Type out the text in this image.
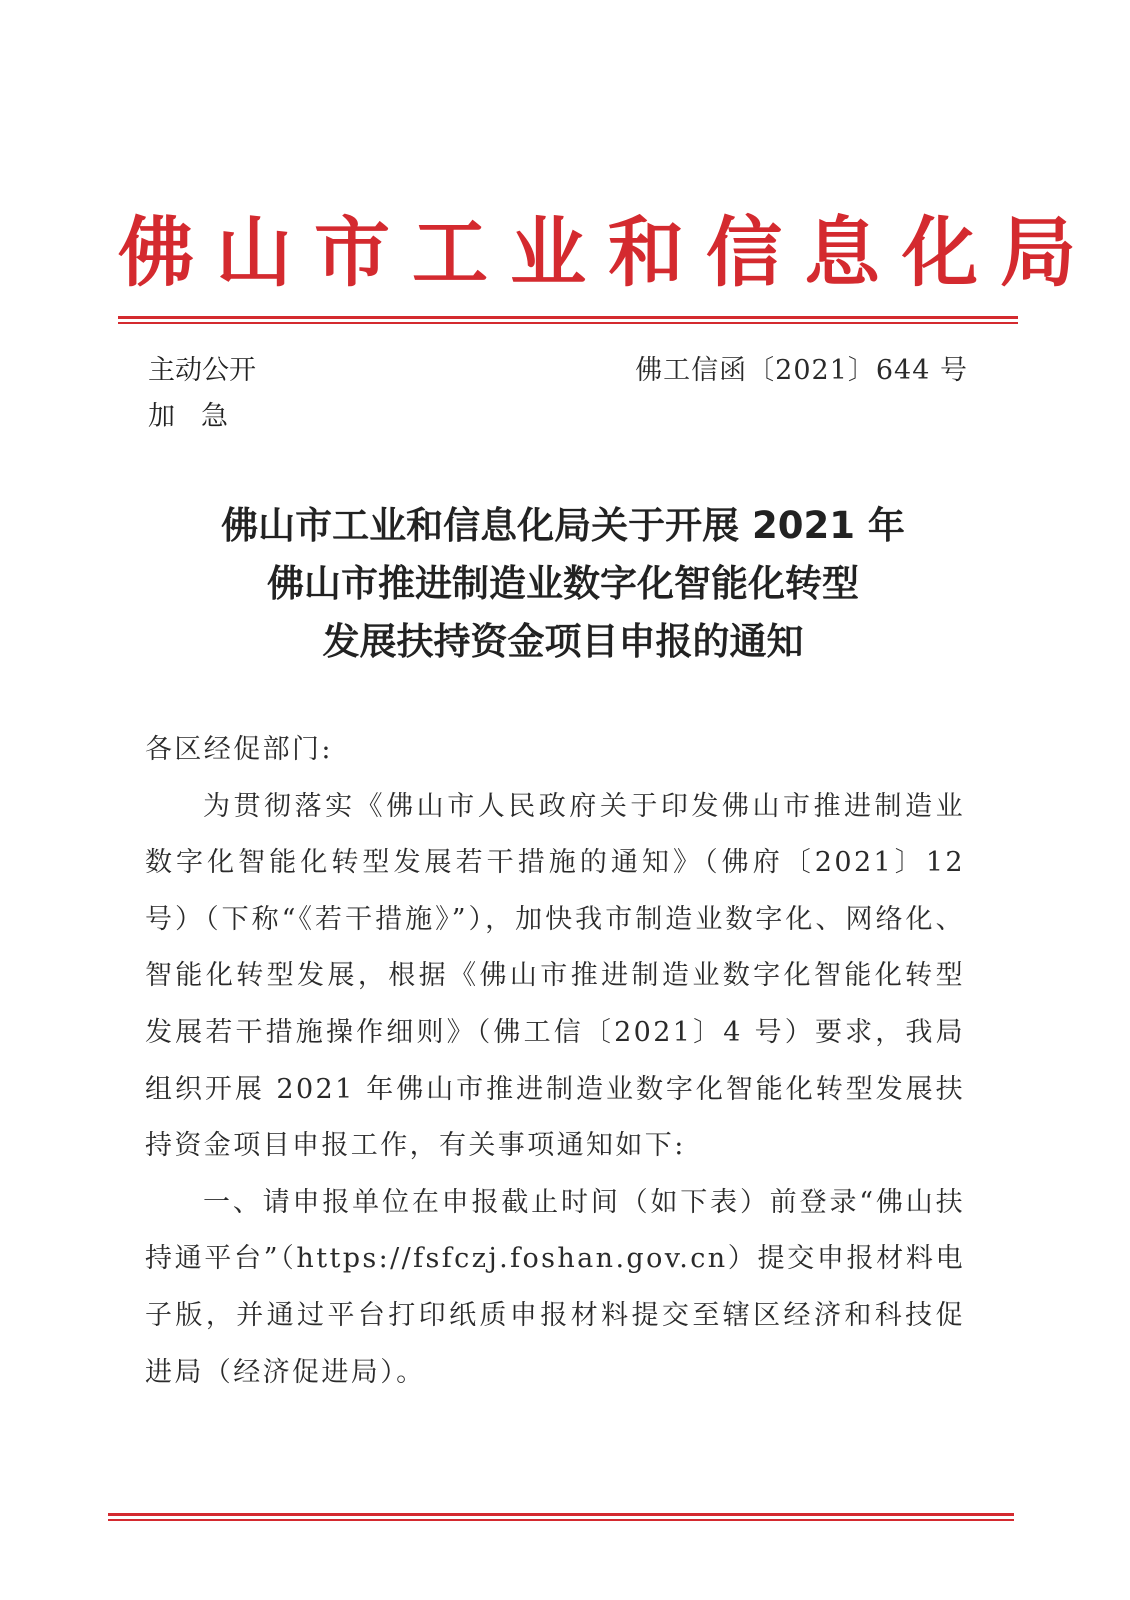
佛山市工业和信息化局
主动公开
加急
佛工信函〔2021〕644 号
佛山市工业和信息化局关于开展 2021 年
佛山市推进制造业数字化智能化转型
发展扶持资金项目申报的通知

各区经促部门:

为贯彻落实《佛山市人民政府关于印发佛山市推进制造业数字化智能化转型发展若干措施的通知》（佛府〔2021〕12 号）（下称“《若干措施》”），加快我市制造业数字化、网络化、智能化转型发展，根据《佛山市推进制造业数字化智能化转型发展若干措施操作细则》（佛工信〔2021〕4 号）要求，我局组织开展 2021 年佛山市推进制造业数字化智能化转型发展扶持资金项目申报工作，有关事项通知如下:

一、请申报单位在申报截止时间（如下表）前登录“佛山扶持通平台”（https://fsfczj.foshan.gov.cn）提交申报材料电子版，并通过平台打印纸质申报材料提交至辖区经济和科技促进局（经济促进局）。
